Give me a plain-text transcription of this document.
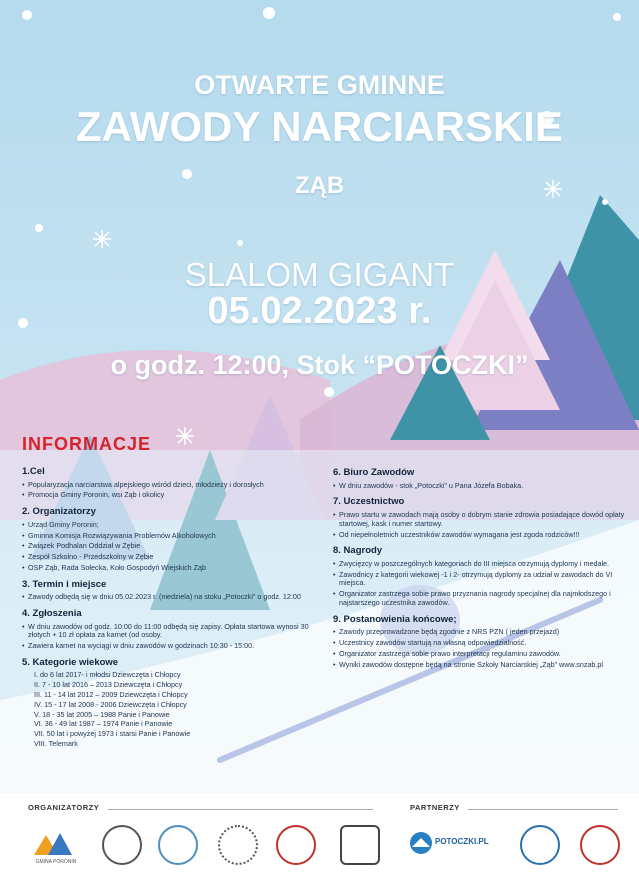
OTWARTE GMINNE
ZAWODY NARCIARSKIE
ZĄB
SLALOM GIGANT
05.02.2023 r.
o godz. 12:00, Stok “POTOCZKI”
INFORMACJE
1.Cel
• Popularyzacja narciarstwa alpejskiego wśród dzieci, młodzieży i dorosłych
• Promocja Gminy Poronin, wsi Ząb i okolicy
2. Organizatorzy
• Urząd Gminy Poronin;
• Gminna Komisja Rozwiązywania Problemów Alkoholowych
• Związek Podhalan Oddział w Zębie
• Zespół Szkolno - Przedszkolny w Zębie
• OSP Ząb, Rada Sołecka, Koło Gospodyń Wiejskich Ząb
3. Termin i miejsce
• Zawody odbędą się w dniu 05.02.2023 r. (niedziela) na stoku „Potoczki” o godz. 12:00
4. Zgłoszenia
• W dniu zawodów od godz. 10:00 do 11:00 odbędą się zapisy. Opłata startowa wynosi 30 złotych + 10 zł opłata za karnet (od osoby.
• Zawiera karnet na wyciągi w dniu zawodów w godzinach 10:30 - 15:00.
5. Kategorie wiekowe
I. do 6 lat 2017- i młodsi Dziewczęta i Chłopcy
II. 7 - 10 lat 2016 – 2013 Dziewczęta i Chłopcy
III. 11 - 14 lat 2012 – 2009 Dziewczęta i Chłopcy
IV. 15 - 17 lat 2008 - 2006 Dziewczęta i Chłopcy
V. 18 - 35 lat 2005 – 1988 Panie i Panowie
VI. 36 - 49 lat 1987 – 1974 Panie i Panowie
VII. 50 lat i powyżej 1973 i starsi Panie i Panowie
VIII. Telemark
6. Biuro Zawodów
• W dniu zawodów - stok „Potoczki” u Pana Józefa Bobaka.
7. Uczestnictwo
• Prawo startu w zawodach mają osoby o dobrym stanie zdrowia posiadające dowód opłaty startowej, kask i numer startowy.
• Od niepełnoletnich uczestników zawodów wymagana jest zgoda rodziców!!!
8. Nagrody
• Zwycięzcy w poszczególnych kategoriach do III miejsca otrzymują dyplomy i medale.
• Zawodnicy z kategorii wiekowej -1 i 2- otrzymują dyplomy za udział w zawodach do VI miejsca.
• Organizator zastrzega sobie prawo przyznania nagrody specjalnej dla najmłodszego i najstarszego uczestnika zawodów.
9. Postanowienia końcowe;
• Zawody przeprowadzone będą zgodnie z NRS PZN ( jeden przejazd)
• Uczestnicy zawodów startują na własną odpowiedzialność.
• Organizator zastrzega sobie prawo interpretacji regulaminu zawodów.
• Wyniki zawodów dostępne będą na stronie Szkoły Narciarskiej „Ząb” www.snzab.pl
ORGANIZATORZY	PARTNERZY
GMINA PORONIN
POTOCZKI.PL
